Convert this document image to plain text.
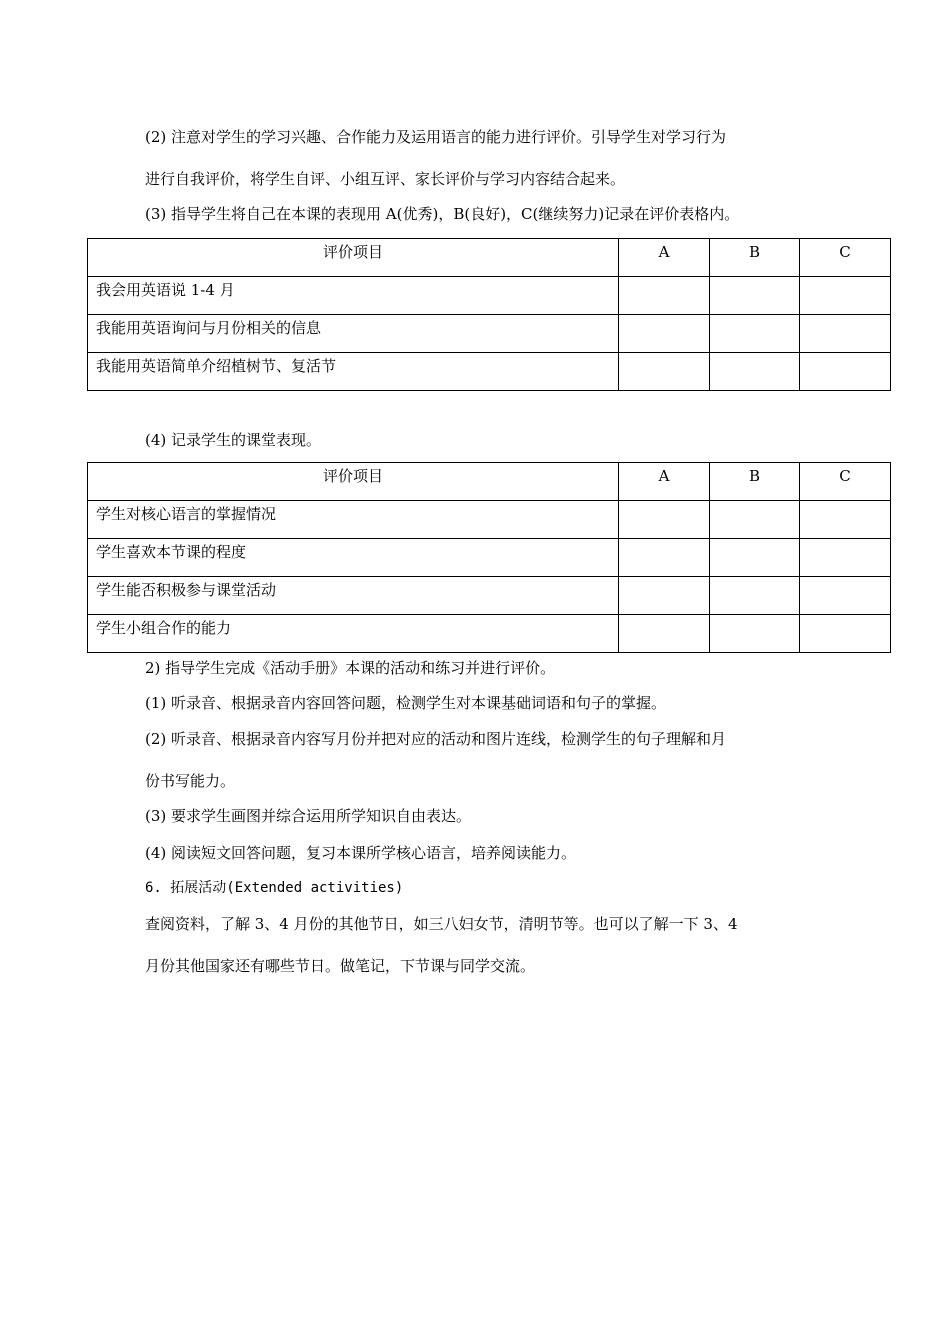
(2) 注意对学生的学习兴趣、合作能力及运用语言的能力进行评价。引导学生对学习行为
进行自我评价，将学生自评、小组互评、家长评价与学习内容结合起来。
(3) 指导学生将自己在本课的表现用 A(优秀)，B(良好)，C(继续努力)记录在评价表格内。
评价项目	A	B	C
我会用英语说 1-4 月			
我能用英语询问与月份相关的信息			
我能用英语简单介绍植树节、复活节			
(4) 记录学生的课堂表现。
评价项目	A	B	C
学生对核心语言的掌握情况			
学生喜欢本节课的程度			
学生能否积极参与课堂活动			
学生小组合作的能力			
2) 指导学生完成《活动手册》本课的活动和练习并进行评价。
(1) 听录音、根据录音内容回答问题，检测学生对本课基础词语和句子的掌握。
(2) 听录音、根据录音内容写月份并把对应的活动和图片连线，检测学生的句子理解和月
份书写能力。
(3) 要求学生画图并综合运用所学知识自由表达。
(4) 阅读短文回答问题，复习本课所学核心语言，培养阅读能力。
6. 拓展活动(Extended activities)
查阅资料，了解 3、4 月份的其他节日，如三八妇女节，清明节等。也可以了解一下 3、4
月份其他国家还有哪些节日。做笔记，下节课与同学交流。
